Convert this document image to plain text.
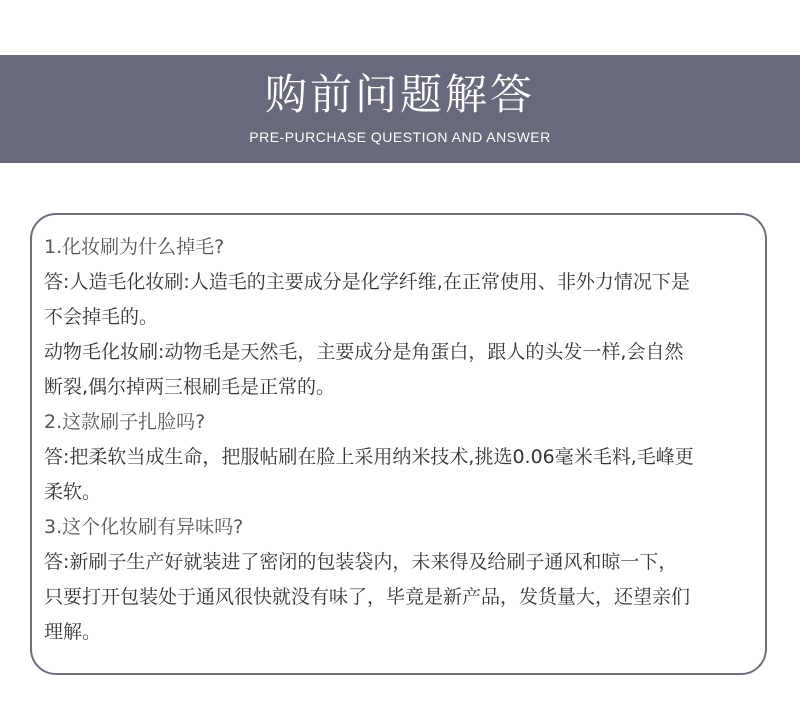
购前问题解答
PRE-PURCHASE QUESTION AND ANSWER
1.化妆刷为什么掉毛?
答:人造毛化妆刷:人造毛的主要成分是化学纤维,在正常使用、非外力情况下是
不会掉毛的。
动物毛化妆刷:动物毛是天然毛，主要成分是角蛋白，跟人的头发一样,会自然
断裂,偶尔掉两三根刷毛是正常的。
2.这款刷子扎脸吗?
答:把柔软当成生命，把服帖刷在脸上采用纳米技术,挑选0.06毫米毛料,毛峰更
柔软。
3.这个化妆刷有异味吗?
答:新刷子生产好就装进了密闭的包装袋内，未来得及给刷子通风和晾一下，
只要打开包装处于通风很快就没有味了，毕竟是新产品，发货量大，还望亲们
理解。
